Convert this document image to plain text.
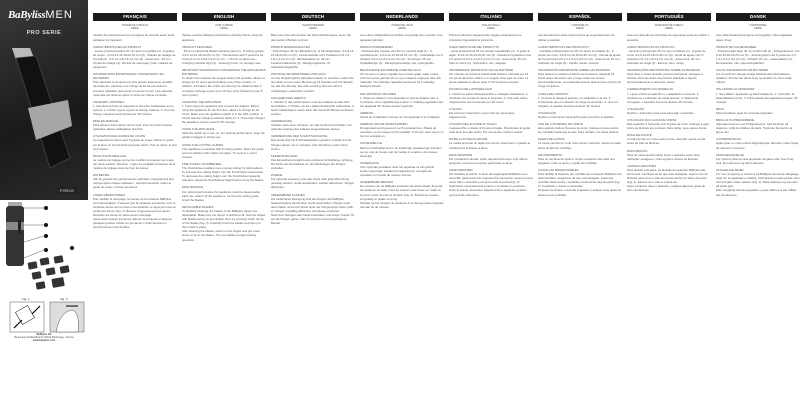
BaBylissMEN
PRO SERIE
FORCE
Fig. 1	Fig. 2
BaByliss SA
99 avenue Aristide Briand, 92120 Montrouge - France
www.babyliss.com
FRANÇAIS
TONDEUSE CHEVEUX
E980E

Veuillez lire attentivement les consignes de sécurité avant toute utilisation de l'appareil.

CARACTÉRISTIQUES DU PRODUIT

- Lames professionnelles 45 mm acier inoxydable (1) - 8 guides de coupe : 3-6-9-12-15-18-22-25 mm (5) - Molette de réglage de 5 positions : 0,5-1,2-1,8-2,4-3,0 mm (2) - Autonomie : 45 min - Voyant de charge (3) - Brosse de nettoyage, huile, mallette de rangement

INFORMATIONS IMPORTANTES CONCERNANT LES BATTERIES

Pour atteindre et conserver la plus grande autonomie possible des batteries, effectuez une charge de 16 heures avant la première utilisation puis environ tous les 6 mois. Une capacité maximale est obtenue après 3 cycles de charge complets.

CHARGER L'APPAREIL

1. Introduire la fiche de l'appareil et brancher l'adaptateur sur le secteur. 2. Vérifier que le voyant de charge s'allume. 3. Une fois chargé, l'appareil peut fonctionner 45 minutes.

MISE EN MARCHE

Faire glisser l'interrupteur vers le haut. Pour les performances optimales, laisser l'adaptateur branché.

UTILISATION DES GUIDES DE COUPE

Cet appareil est fourni avec 8 guides de coupe. Placer le guide sur la lame en l'enclenchant jusqu'au déclic. Pour le retirer, le tirer vers l'avant.

MOLETTE DE RÉGLAGE

La molette de réglage permet de modifier la longueur de coupe par demi-position. Attention : régler au préalable la hauteur de la molette de réglage avant de fixer les lames.

ENTRETIEN

Afin de garantir des performances optimales, l'appareil doit être nettoyé après chaque utilisation : éteindre l'appareil, retirer le guide de coupe, brosser les lames.

LAMES DÉMONTABLES

Pour faciliter le nettoyage, les lames de la tondeuse BaByliss sont démontables. S'assurer que la tondeuse est éteinte, tenir la tondeuse lames vers le haut et les détacher en appuyant sous la pointe des lames (Fig. 2). Brosser soigneusement les lames. Remettre les lames en place après nettoyage.

Après avoir nettoyé les lames, allumer la tondeuse et déposer quelques gouttes d'huile sur les lames. L'huile favorise un fonctionnement plus durable.

ENGLISH
HAIR CLIPPER
E980E

Please read the following instructions carefully before using the appliance.

PRODUCT FEATURES

- 45mm professional blades stainless steel (1) - 8 cutting guides: 3-6-9-12-15-18-22-25 mm (5) - Thumbwheel with 5 positions for tuning 0.5-1.2-1.8-2.4-3.0 mm (2) - ≈ 45 min cordless use - Charging indicator light (3) - Cleaning brush, oil, storage case

IMPORTANT INFORMATION CONCERNING THE APPLIANCE'S BATTERIES

To obtain and maintain the longest battery life possible, allow it to charge for 16 hours approximately every three months. In addition, full battery life of this unit will only be obtained after 3 complete recharge cycles (one 16 hour cycle followed by two 8 hour cycles).

CHARGING THE APPLIANCE

1. Insert plug into appliance and connect the adaptor. Before using the appliance for the first time, allow it to charge for 16 hours. Make sure the appliance switch is in the OFF position. 2. Check that the charging indicator lights on. 3. Once fully charged, the appliance can be used for 45 minutes.

USING THE APPLIANCE

Slide the switch up to turn on. For optimal performance, keep the adaptor plugged in during use.

USING THE CUTTING GUIDES

This appliance is supplied with 8 cutting guides. Place the guide onto the blades until it clicks into place. To remove it, pull it forward.

FINE-TUNING THUMBWHEEL

The thumbwheel enables more precise cutting by half positions. To increase the cutting height, turn the thumbwheel downwards. To decrease the cutting height, turn the thumbwheel upwards. Attention: adjust the thumbwheel height before fixing the blades.

MAINTENANCE

For optimal performance the appliance must be cleaned after each use: switch off the appliance, remove the cutting guide, brush the blades.

DETACHABLE BLADES

To facilitate cleaning, the blades of the BaByliss clipper are detachable. Make sure the clipper is switched off, hold the clipper with blades facing up and detach them by pressing under the tip of the blades (Fig. 2). Carefully brush the blades and then put them back in place.

After cleaning the blades, switch on the clipper and put a few drops of oil on the blades. The oil enables a longer-lasting operation.

DEUTSCH
HAARSCHNEIDER
E980E

Bitte lesen Sie aufmerksam die Sicherheitshinweise, bevor Sie das Gerät in Betrieb nehmen.

PRODUKTEIGENSCHAFTEN

- Profi-Klingen 45 mm Edelstahl (1) - 8 Schnittaufsätze: 3-6-9-12-15-18-22-25 mm (5) - Feineinstellrad mit 5 Positionen 0,5-1,2-1,8-2,4-3,0 mm (2) - Betriebsdauer ca. 45 min - Ladekontrollleuchte (3) - Reinigungsbürste, Öl, Aufbewahrungskoffer

WICHTIGE INFORMATIONEN ZUM AKKU

Um die längstmögliche Akkulebensdauer zu erreichen, laden Sie den Akku vor der ersten Benutzung 16 Stunden auf und danach ca. alle drei Monate. Die volle Leistung wird erst nach 3 vollständigen Ladezyklen erreicht.

AUFLADEN DES GERÄTS

1. Stecker in das Gerät stecken und den Adapter an das Netz anschließen. 2. Prüfen, ob die Ladekontrollleuchte aufleuchtet. 3. Nach vollständigem Laden kann das Gerät 45 Minuten betrieben werden.

VERWENDUNG

Schalter nach oben schieben, um das Gerät einzuschalten. Für optimale Leistung den Adapter angeschlossen lassen.

VERWENDUNG DER SCHNITTAUFSÄTZE

Das Gerät wird mit 8 Schnittaufsätzen geliefert. Aufsatz auf die Klingen setzen, bis er einrastet. Zum Abnehmen nach vorne ziehen.

FEINEINSTELLRAD

Das Einstellrad ermöglicht eine präzisere Schnittlänge. Achtung: Die Höhe des Einstellrads vor dem Befestigen der Klingen einstellen.

PFLEGE

Für optimale Leistung muss das Gerät nach jeder Benutzung gereinigt werden: Gerät ausschalten, Aufsatz abnehmen, Klingen abbürsten.

ABNEHMBARE KLINGEN

Zur einfacheren Reinigung sind die Klingen des BaByliss-Haarschneiders abnehmbar. Gerät ausschalten, Klingen nach oben halten und durch Druck unter der Klingenspitze lösen (Abb. 2). Klingen sorgfältig abbürsten und wieder einsetzen.

Nach dem Reinigen das Gerät einschalten und einige Tropfen Öl auf die Klingen geben. Das Öl sorgt für einen langlebigeren Betrieb.

NEDERLANDS
TONDEUSE HAAR
E980E

Lees deze veiligheidsvoorschriften zorgvuldig door voordat u het apparaat gebruikt.

PRODUCTKENMERKEN

- Professionele messen van 45 mm roestvrij staal (1) - 8 opzetkammen: 3-6-9-12-15-18-22-25 mm (5) - Instelwieltje met 5 standen 0,5-1,2-1,8-2,4-3,0 mm (2) - Snoerloos: 45 min - Oplaadlampje (3) - Reinigingsborsteltje, olie, opbergkoffer

BELANGRIJKE INFORMATIE OVER DE ACCU

Om de accu zo lang mogelijk mee te laten gaan, laadt u deze vóór het eerste gebruik 16 uur op en daarna ongeveer elke drie maanden. De volledige capaciteit wordt pas na 3 volledige laadcycli bereikt.

HET APPARAAT OPLADEN

1. Steek de stekker in het apparaat en sluit de adapter aan. 2. Controleer of het oplaadlampje brandt. 3. Volledig opgeladen kan het apparaat 45 minuten worden gebruikt.

GEBRUIK

Schuif de schakelaar omhoog om het apparaat in te schakelen.

GEBRUIK VAN DE OPZETKAMMEN

Dit apparaat wordt geleverd met 8 opzetkammen. Plaats de opzetkam op de messen tot hij vastklikt. Trek hem naar voren om hem te verwijderen.

INSTELWIELTJE

Met het instelwieltje kunt u de kniplengte nauwkeuriger instellen. Let op: stel de hoogte van het wieltje in voordat u de messen bevestigt.

ONDERHOUD

Voor optimale prestaties moet het apparaat na elk gebruik worden gereinigd: schakel het apparaat uit, verwijder de opzetkam en borstel de messen schoon.

AFNEEMBARE MESSEN

De messen van de BaByliss tondeuse zijn afneembaar. Zorg dat de tondeuse uit staat, houd de messen naar boven en maak ze los door onder de punt te drukken (Fig. 2). Borstel de messen zorgvuldig en plaats ze terug.

Schakel na het reinigen de tondeuse in en breng enkele druppels olie aan op de messen.

ITALIANO
TAGLIACAPELLI
E980E

Prima di utilizzare l'apparecchio, leggere attentamente le indicazioni riguardanti la sicurezza.

CARATTERISTICHE DEL PRODOTTO

- Lame professionali 45 mm acciaio inossidabile (1) - 8 guide di taglio: 3-6-9-12-15-18-22-25 mm (5) - Rotella di regolazione fine a 5 posizioni 0,5-1,2-1,8-2,4-3,0 mm (2) - Autonomia: 45 min - Spia di carica (3) - Spazzolino, olio, valigetta

INFORMAZIONI IMPORTANTI SULLE BATTERIE

Per ottenere la massima durata della batteria, caricarla per 16 ore prima del primo utilizzo e in seguito circa ogni tre mesi. La piena capacità si ottiene dopo 3 cicli di carica completi.

RICARICA DELL'APPARECCHIO

1. Inserire la spina nell'apparecchio e collegare l'adattatore. 2. Verificare che la spia di carica si accenda. 3. Una volta carico, l'apparecchio può funzionare per 45 minuti.

UTILIZZO

Far scorrere l'interruttore verso l'alto per accendere l'apparecchio.

UTILIZZO DELLE GUIDE DI TAGLIO

L'apparecchio è dotato di 8 guide di taglio. Posizionare la guida sulle lame fino allo scatto. Per rimuoverla, tirarla in avanti.

ROTELLA DI REGOLAZIONE

La rotella permette un taglio più preciso. Attenzione: regolare la rotella prima di fissare le lame.

MANUTENZIONE

Per prestazioni ottimali, pulire l'apparecchio dopo ogni utilizzo: spegnere, rimuovere la guida, spazzolare le lame.

LAME RIMOVIBILI

Per facilitare la pulizia, le lame del tagliacapelli BaByliss sono rimovibili. Assicurarsi che l'apparecchio sia spento, tenere le lame verso l'alto e staccarle premendo sotto la punta (Fig. 2). Spazzolare accuratamente le lame e rimetterle in posizione.

Dopo la pulizia, accendere l'apparecchio e applicare qualche goccia d'olio sulle lame.

ESPAÑOL
CORTAPELOS
E980E

Lea atentamente estas instrucciones de seguridad antes de utilizar el aparato.

CARACTERÍSTICAS DEL PRODUCTO

- Cuchillas profesionales de 45 mm acero inoxidable (1) - 8 peines de corte: 3-6-9-12-15-18-22-25 mm (5) - Rueda de ajuste de 5 posiciones 0,5-1,2-1,8-2,4-3,0 mm (2) - Autonomía: 45 min - Indicador de carga (3) - Cepillo, aceite, estuche

INFORMACIÓN IMPORTANTE SOBRE LAS BATERÍAS

Para obtener la máxima duración de la batería, cárguela 16 horas antes del primer uso y luego cada tres meses aproximadamente. La capacidad total se alcanza tras 3 ciclos de carga completos.

CARGA DEL APARATO

1. Conecte la clavija al aparato y el adaptador a la red. 2. Compruebe que el indicador de carga se enciende. 3. Una vez cargado, el aparato funciona durante 45 minutos.

UTILIZACIÓN

Deslice el interruptor hacia arriba para encender el aparato.

USO DE LOS PEINES DE CORTE

Este aparato incluye 8 peines de corte. Coloque el peine sobre las cuchillas hasta que encaje. Para retirarlo, tire hacia delante.

RUEDA DE AJUSTE

La rueda permite un corte más preciso. Atención: ajuste la rueda antes de fijar las cuchillas.

MANTENIMIENTO

Para un rendimiento óptimo, limpie el aparato tras cada uso: apáguelo, retire el peine y cepille las cuchillas.

CUCHILLAS DESMONTABLES

Para facilitar la limpieza, las cuchillas del cortapelos BaByliss son desmontables. Asegúrese de que esté apagado, sujete las cuchillas hacia arriba y suéltelas presionando bajo la punta (Fig. 2). Cepíllelas y vuelva a colocarlas.

Después de limpiar, encienda el aparato y aplique unas gotas de aceite en las cuchillas.

PORTUGUÊS
APARADOR DE CABELO
E980E

Leia com atenção as instruções de segurança antes de utilizar o aparelho.

CARACTERÍSTICAS DO PRODUTO

- Lâminas profissionais 45 mm aço inoxidável (1) - 8 guias de corte: 3-6-9-12-15-18-22-25 mm (5) - Roda de ajuste com 5 posições 0,5-1,2-1,8-2,4-3,0 mm (2) - Autonomia: 45 min - Indicador de carga (3) - Escova, óleo, estojo

INFORMAÇÕES IMPORTANTES SOBRE AS BATERIAS

Para obter a maior duração possível da bateria, carregue-a durante 16 horas antes da primeira utilização e depois aproximadamente a cada três meses.

CARREGAMENTO DO APARELHO

1. Ligue a ficha ao aparelho e o adaptador à corrente. 2. Verifique se o indicador de carga acende. 3. Totalmente carregado, o aparelho funciona durante 45 minutos.

UTILIZAÇÃO

Deslize o interruptor para cima para ligar o aparelho.

UTILIZAÇÃO DAS GUIAS DE CORTE

Este aparelho é fornecido com 8 guias de corte. Coloque a guia sobre as lâminas até encaixar. Para retirar, puxe para a frente.

RODA DE AJUSTE

A roda permite um corte mais preciso. Atenção: ajuste a roda antes de fixar as lâminas.

MANUTENÇÃO

Para um desempenho ideal, limpe o aparelho após cada utilização: desligue-o, retire a guia e escove as lâminas.

LÂMINAS AMOVÍVEIS

Para facilitar a limpeza, as lâminas do aparador BaByliss são amovíveis. Certifique-se de que está desligado, segure com as lâminas para cima e solte-as pressionando por baixo da ponta (Fig. 2). Escove-as e volte a colocá-las.

Após a limpeza, ligue o aparelho e aplique algumas gotas de óleo nas lâminas.

DANSK
HÅRTRIMMER
E980E

Læs sikkerhedsanvisningerne omhyggeligt, inden apparatet tages i brug.

PRODUKTETS EGENSKABER

- Professionelle skær 45 mm rustfrit stål (1) - 8 klippekamme: 3-6-9-12-15-18-22-25 mm (5) - Justeringshjul med 5 positioner 0,5-1,2-1,8-2,4-3,0 mm (2) - Driftstid: 45 min - Ladeindikator (3) - Rensebørste, olie, opbevaringskuffert

VIGTIG INFORMATION OM BATTERIET

For at opnå den længst mulige batterilevetid skal batteriet oplades i 16 timer før første brug og derefter ca. hver tredje måned.

OPLADNING AF APPARATET

1. Sæt stikket i apparatet og tilslut adapteren. 2. Kontroller, at ladeindikatoren lyser. 3. Fuldt opladet kan apparatet bruges i 45 minutter.

BRUG

Skub kontakten opad for at tænde apparatet.

BRUG AF KLIPPEKAMMENE

Apparatet leveres med 8 klippekamme. Sæt kammen på skærene, indtil den klikker på plads. Træk den fremad for at fjerne den.

JUSTERINGSHJUL

Hjulet giver en mere præcis klippelængde. Bemærk: juster hjulet, før skærene monteres.

VEDLIGEHOLDELSE

For optimal ydeevne skal apparatet rengøres efter hver brug: sluk, fjern kammen og børst skærene.

AFTAGELIGE SKÆR

For nem rengøring er skærene på BaByliss trimmeren aftagelige. Sørg for, at apparatet er slukket, hold skærene opad og løsn dem ved at trykke under spidsen (Fig. 2). Børst skærene og sæt dem på plads igen.

Efter rengøring tændes apparatet, og der påføres et par dråber olie på skærene.
